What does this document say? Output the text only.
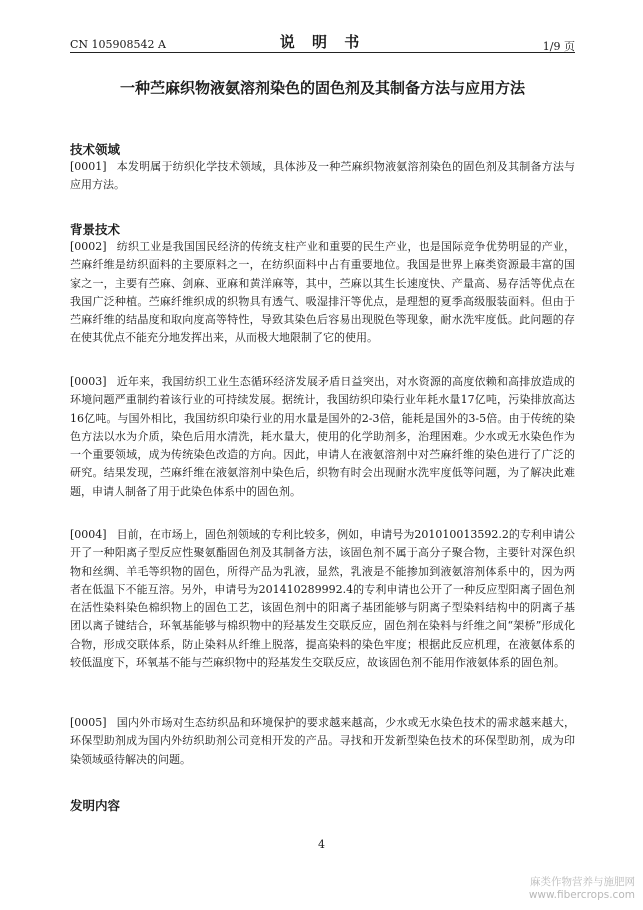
CN 105908542 A	说 明 书	1/9 页
一种苎麻织物液氨溶剂染色的固色剂及其制备方法与应用方法
技术领域
[0001] 本发明属于纺织化学技术领域，具体涉及一种苎麻织物液氨溶剂染色的固色剂及其制备方法与应用方法。
背景技术
[0002] 纺织工业是我国国民经济的传统支柱产业和重要的民生产业，也是国际竞争优势明显的产业，苎麻纤维是纺织面料的主要原料之一，在纺织面料中占有重要地位。我国是世界上麻类资源最丰富的国家之一，主要有苎麻、剑麻、亚麻和黄洋麻等，其中，苎麻以其生长速度快、产量高、易存活等优点在我国广泛种植。苎麻纤维织成的织物具有透气、吸湿排汗等优点，是理想的夏季高级服装面料。但由于苎麻纤维的结晶度和取向度高等特性，导致其染色后容易出现脱色等现象，耐水洗牢度低。此问题的存在使其优点不能充分地发挥出来，从而极大地限制了它的使用。
[0003] 近年来，我国纺织工业生态循环经济发展矛盾日益突出，对水资源的高度依赖和高排放造成的环境问题严重制约着该行业的可持续发展。据统计，我国纺织印染行业年耗水量17亿吨，污染排放高达16亿吨。与国外相比，我国纺织印染行业的用水量是国外的2-3倍，能耗是国外的3-5倍。由于传统的染色方法以水为介质，染色后用水清洗，耗水量大，使用的化学助剂多，治理困难。少水或无水染色作为一个重要领域，成为传统染色改造的方向。因此，申请人在液氨溶剂中对苎麻纤维的染色进行了广泛的研究。结果发现，苎麻纤维在液氨溶剂中染色后，织物有时会出现耐水洗牢度低等问题，为了解决此难题，申请人制备了用于此染色体系中的固色剂。
[0004] 目前，在市场上，固色剂领域的专利比较多，例如，申请号为201010013592.2的专利申请公开了一种阳离子型反应性聚氨酯固色剂及其制备方法，该固色剂不属于高分子聚合物，主要针对深色织物和丝绸、羊毛等织物的固色，所得产品为乳液，显然，乳液是不能掺加到液氨溶剂体系中的，因为两者在低温下不能互溶。另外，申请号为201410289992.4的专利申请也公开了一种反应型阳离子固色剂在活性染料染色棉织物上的固色工艺，该固色剂中的阳离子基团能够与阴离子型染料结构中的阴离子基团以离子键结合，环氧基能够与棉织物中的羟基发生交联反应，固色剂在染料与纤维之间“架桥”形成化合物，形成交联体系，防止染料从纤维上脱落，提高染料的染色牢度；根据此反应机理，在液氨体系的较低温度下，环氧基不能与苎麻织物中的羟基发生交联反应，故该固色剂不能用作液氨体系的固色剂。
[0005] 国内外市场对生态纺织品和环境保护的要求越来越高，少水或无水染色技术的需求越来越大，环保型助剂成为国内外纺织助剂公司竞相开发的产品。寻找和开发新型染色技术的环保型助剂，成为印染领域亟待解决的问题。
发明内容
4
麻类作物营养与施肥网
www.fibercrops.com
